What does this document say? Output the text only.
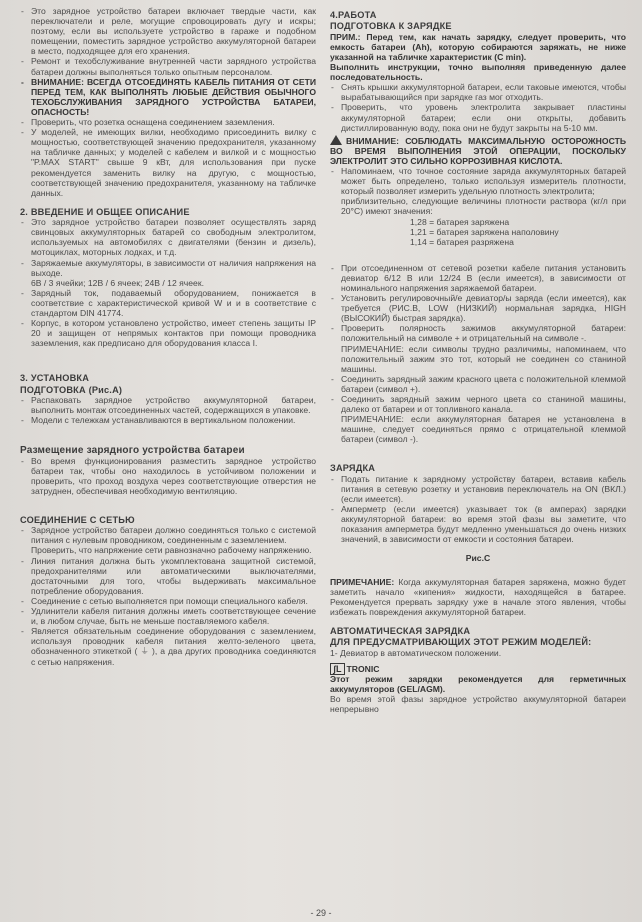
- Это зарядное устройство батареи включает твердые части, как переключатели и реле, могущие спровоцировать дугу и искры; поэтому, если вы используете устройство в гараже и подобном помещении, поместить зарядное устройство аккумуляторной батареи в место, подходящее для его хранения.

- Ремонт и техобслуживание внутренней части зарядного устройства батареи должны выполняться только опытным персоналом.

- ВНИМАНИЕ: ВСЕГДА ОТСОЕДИНЯТЬ КАБЕЛЬ ПИТАНИЯ ОТ СЕТИ ПЕРЕД ТЕМ, КАК ВЫПОЛНЯТЬ ЛЮБЫЕ ДЕЙСТВИЯ ОБЫЧНОГО ТЕХОБСЛУЖИВАНИЯ ЗАРЯДНОГО УСТРОЙСТВА БАТАРЕИ, ОПАСНОСТЬ!

- Проверить, что розетка оснащена соединением заземления.

- У моделей, не имеющих вилки, необходимо присоединить вилку с мощностью, соответствующей значению предохранителя, указанному на табличке данных; у моделей с кабелем и вилкой и с мощностью "P.MAX START" свыше 9 кВт, для использования при пуске рекомендуется заменить вилку на другую, с мощностью, соответствующей значению предохранителя, указанному на табличке данных.

2. ВВЕДЕНИЕ И ОБЩЕЕ ОПИСАНИЕ

- Это зарядное устройство батареи позволяет осуществлять заряд свинцовых аккумуляторных батарей со свободным электролитом, используемых на автомобилях с двигателями (бензин и дизель), мотоциклах, моторных лодках, и т.д.

- Заряжаемые аккумуляторы, в зависимости от наличия напряжения на выходе.

6В / 3 ячейки; 12В / 6 ячеек; 24В / 12 ячеек.

- Зарядный ток, подаваемый оборудованием, понижается в соответствие с характеристической кривой W и и в соответствие с стандартом DIN 41774.

- Корпус, в котором установлено устройство, имеет степень защиты IP 20 и защищен от непрямых контактов при помощи проводника заземления, как предписано для оборудования класса I.

3. УСТАНОВКА
ПОДГОТОВКА (Рис.А)

- Распаковать зарядное устройство аккумуляторной батареи, выполнить монтаж отсоединенных частей, содержащихся в упаковке.

- Модели с тележкам устанавливаются в вертикальном положении.

Размещение зарядного устройства батареи

- Во время функционирования разместить зарядное устройство батареи так, чтобы оно находилось в устойчивом положении и проверить, что проход воздуха через соответствующие отверстия не затруднен, обеспечивая необходимую вентиляцию.

СОЕДИНЕНИЕ С СЕТЬЮ

- Зарядное устройство батареи должно соединяться только с системой питания с нулевым проводником, соединенным с заземлением.

Проверить, что напряжение сети равнозначно рабочему напряжению.

- Линия питания должна быть укомплектована защитной системой, предохранителями или автоматическими выключателями, достаточными для того, чтобы выдерживать максимальное потребление оборудования.

- Соединение с сетью выполняется при помощи специального кабеля.

- Удлинители кабеля питания должны иметь соответствующее сечение и, в любом случае, быть не меньше поставляемого кабеля.

- Является обязательным соединение оборудования с заземлением, используя проводник кабеля питания желто-зеленого цвета, обозначенного этикеткой ( ⏚ ), а два других проводника соединяются с сетью напряжения.

4.РАБОТА
ПОДГОТОВКА К ЗАРЯДКЕ

ПРИМ.: Перед тем, как начать зарядку, следует проверить, что емкость батареи (Ah), которую собираются заряжать, не ниже указанной на табличке характеристик (C min).

Выполнить инструкции, точно выполняя приведенную далее последовательность.

- Снять крышки аккумуляторной батареи, если таковые имеются, чтобы вырабатывающийся при зарядке газ мог отходить.

- Проверить, что уровень электролита закрывает пластины аккумуляторной батареи; если они открыты, добавить дистиллированную воду, пока они не будут закрыты на 5-10 мм.

ВНИМАНИЕ: СОБЛЮДАТЬ МАКСИМАЛЬНУЮ ОСТОРОЖНОСТЬ ВО ВРЕМЯ ВЫПОЛНЕНИЯ ЭТОЙ ОПЕРАЦИИ, ПОСКОЛЬКУ ЭЛЕКТРОЛИТ ЭТО СИЛЬНО КОРРОЗИВНАЯ КИСЛОТА.

- Напоминаем, что точное состояние заряда аккумуляторных батарей может быть определено, только используя измеритель плотности, который позволяет измерить удельную плотность электролита;

приблизительно, следующие величины плотности раствора (кг/л при 20°С) имеют значения:

1,28 = батарея заряжена
1,21 = батарея заряжена наполовину
1,14 = батарея разряжена

- При отсоединенном от сетевой розетки кабеле питания установить девиатор 6/12 В или 12/24 В (если имеется), в зависимости от номинального напряжения заряжаемой батареи.

- Установить регулировочный/е девиатор/ы заряда (если имеется), как требуется (РИС.В, LOW (НИЗКИЙ) нормальная зарядка, HIGH (ВЫСОКИЙ) быстрая зарядка).

- Проверить полярность зажимов аккумуляторной батареи: положительный на символе + и отрицательный на символе -.

ПРИМЕЧАНИЕ: если символы трудно различимы, напоминаем, что положительный зажим это тот, который не соединен со станиной машины.

- Соединить зарядный зажим красного цвета с положительной клеммой батареи (символ +).

- Соединить зарядный зажим черного цвета со станиной машины, далеко от батареи и от топливного канала.

ПРИМЕЧАНИЕ: если аккумуляторная батарея не установлена в машине, следует соединяться прямо с отрицательной клеммой батареи (символ -).

ЗАРЯДКА

- Подать питание к зарядному устройству батареи, вставив кабель питания в сетевую розетку и установив переключатель на ON (ВКЛ.) (если имеется).

- Амперметр (если имеется) указывает ток (в амперах) зарядки аккумуляторной батареи: во время этой фазы вы заметите, что показания амперметра будут медленно уменьшаться до очень низких значений, в зависимости от емкости и состояния батареи.

Рис.С

ПРИМЕЧАНИЕ: Когда аккумуляторная батарея заряжена, можно будет заметить начало «кипения» жидкости, находящейся в батарее. Рекомендуется прервать зарядку уже в начале этого явления, чтобы избежать повреждения аккумуляторной батареи.

АВТОМАТИЧЕСКАЯ ЗАРЯДКА
ДЛЯ ПРЕДУСМАТРИВАЮЩИХ ЭТОТ РЕЖИМ МОДЕЛЕЙ:

1- Девиатор в автоматическом положении.

ʃL TRONIC

Этот режим зарядки рекомендуется для герметичных аккумуляторов (GEL/AGM).

Во время этой фазы зарядное устройство аккумуляторной батареи непрерывно

- 29 -
